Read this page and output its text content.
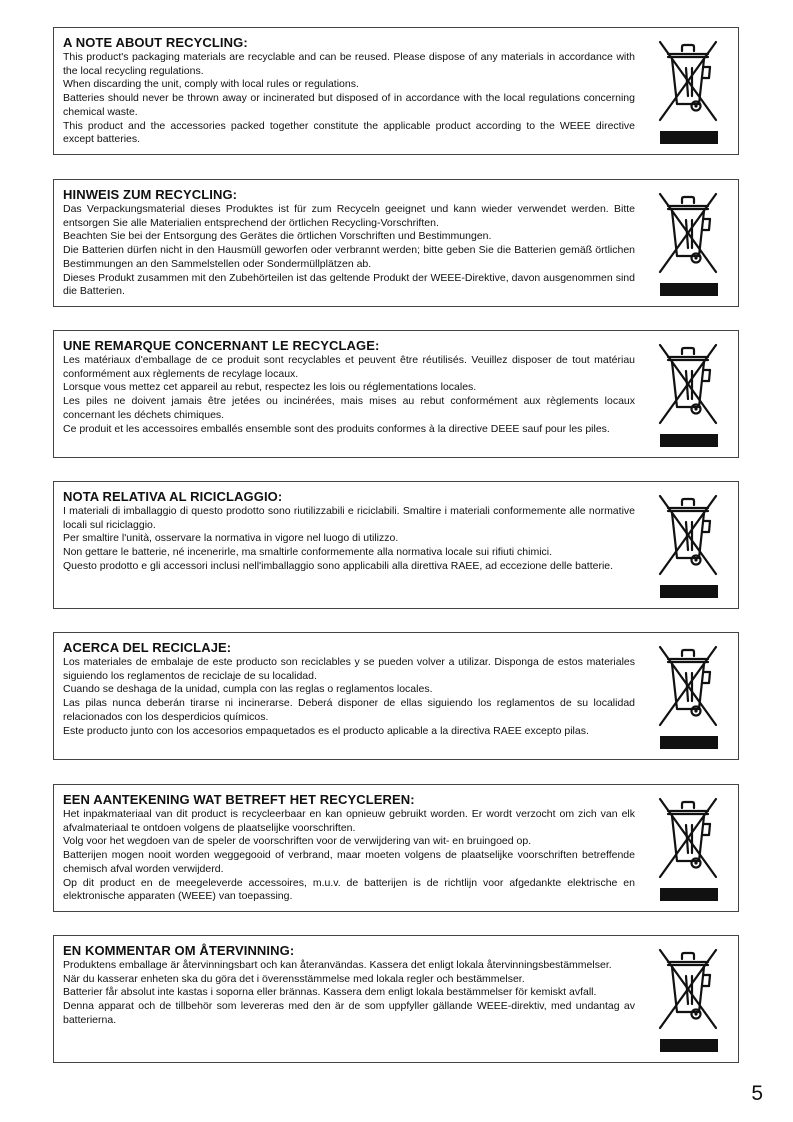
A NOTE ABOUT RECYCLING:

This product's packaging materials are recyclable and can be reused. Please dispose of any materials in accordance with the local recycling regulations.

When discarding the unit, comply with local rules or regulations.

Batteries should never be thrown away or incinerated but disposed of in accordance with the local regulations concerning chemical waste.

This product and the accessories packed together constitute the applicable product according to the WEEE directive except batteries.

HINWEIS ZUM RECYCLING:

Das Verpackungsmaterial dieses Produktes ist für zum Recyceln geeignet und kann wieder verwendet werden. Bitte entsorgen Sie alle Materialien entsprechend der örtlichen Recycling-Vorschriften.

Beachten Sie bei der Entsorgung des Gerätes die örtlichen Vorschriften und Bestimmungen.

Die Batterien dürfen nicht in den Hausmüll geworfen oder verbrannt werden; bitte geben Sie die Batterien gemäß örtlichen Bestimmungen an den Sammelstellen oder Sondermüllplätzen ab.

Dieses Produkt zusammen mit den Zubehörteilen ist das geltende Produkt der WEEE-Direktive, davon ausgenommen sind die Batterien.

UNE REMARQUE CONCERNANT LE RECYCLAGE:

Les matériaux d'emballage de ce produit sont recyclables et peuvent être réutilisés. Veuillez disposer de tout matériau conformément aux règlements de recylage locaux.

Lorsque vous mettez cet appareil au rebut, respectez les lois ou réglementations locales.

Les piles ne doivent jamais être jetées ou incinérées, mais mises au rebut conformément aux règlements locaux concernant les déchets chimiques.

Ce produit et les accessoires emballés ensemble sont des produits conformes à la directive DEEE sauf pour les piles.

NOTA RELATIVA AL RICICLAGGIO:

I materiali di imballaggio di questo prodotto sono riutilizzabili e riciclabili. Smaltire i materiali conformemente alle normative locali sul riciclaggio.

Per smaltire l'unità, osservare la normativa in vigore nel luogo di utilizzo.

Non gettare le batterie, né incenerirle, ma smaltirle conformemente alla normativa locale sui rifiuti chimici.

Questo prodotto e gli accessori inclusi nell'imballaggio sono applicabili alla direttiva RAEE, ad eccezione delle batterie.

ACERCA DEL RECICLAJE:

Los materiales de embalaje de este producto son reciclables y se pueden volver a utilizar. Disponga de estos materiales siguiendo los reglamentos de reciclaje de su localidad.

Cuando se deshaga de la unidad, cumpla con las reglas o reglamentos locales.

Las pilas nunca deberán tirarse ni incinerarse. Deberá disponer de ellas siguiendo los reglamentos de su localidad relacionados con los desperdicios químicos.

Este producto junto con los accesorios empaquetados es el producto aplicable a la directiva RAEE excepto pilas.

EEN AANTEKENING WAT BETREFT HET RECYCLEREN:

Het inpakmateriaal van dit product is recycleerbaar en kan opnieuw gebruikt worden. Er wordt verzocht om zich van elk afvalmateriaal te ontdoen volgens de plaatselijke voorschriften.

Volg voor het wegdoen van de speler de voorschriften voor de verwijdering van wit- en bruingoed op.

Batterijen mogen nooit worden weggegooid of verbrand, maar moeten volgens de plaatselijke voorschriften betreffende chemisch afval worden verwijderd.

Op dit product en de meegeleverde accessoires, m.u.v. de batterijen is de richtlijn voor afgedankte elektrische en elektronische apparaten (WEEE) van toepassing.

EN KOMMENTAR OM ÅTERVINNING:

Produktens emballage är återvinningsbart och kan återanvändas. Kassera det enligt lokala återvinningsbestämmelser.

När du kasserar enheten ska du göra det i överensstämmelse med lokala regler och bestämmelser.

Batterier får absolut inte kastas i soporna eller brännas. Kassera dem enligt lokala bestämmelser för kemiskt avfall.

Denna apparat och de tillbehör som levereras med den är de som uppfyller gällande WEEE-direktiv, med undantag av batterierna.

5
